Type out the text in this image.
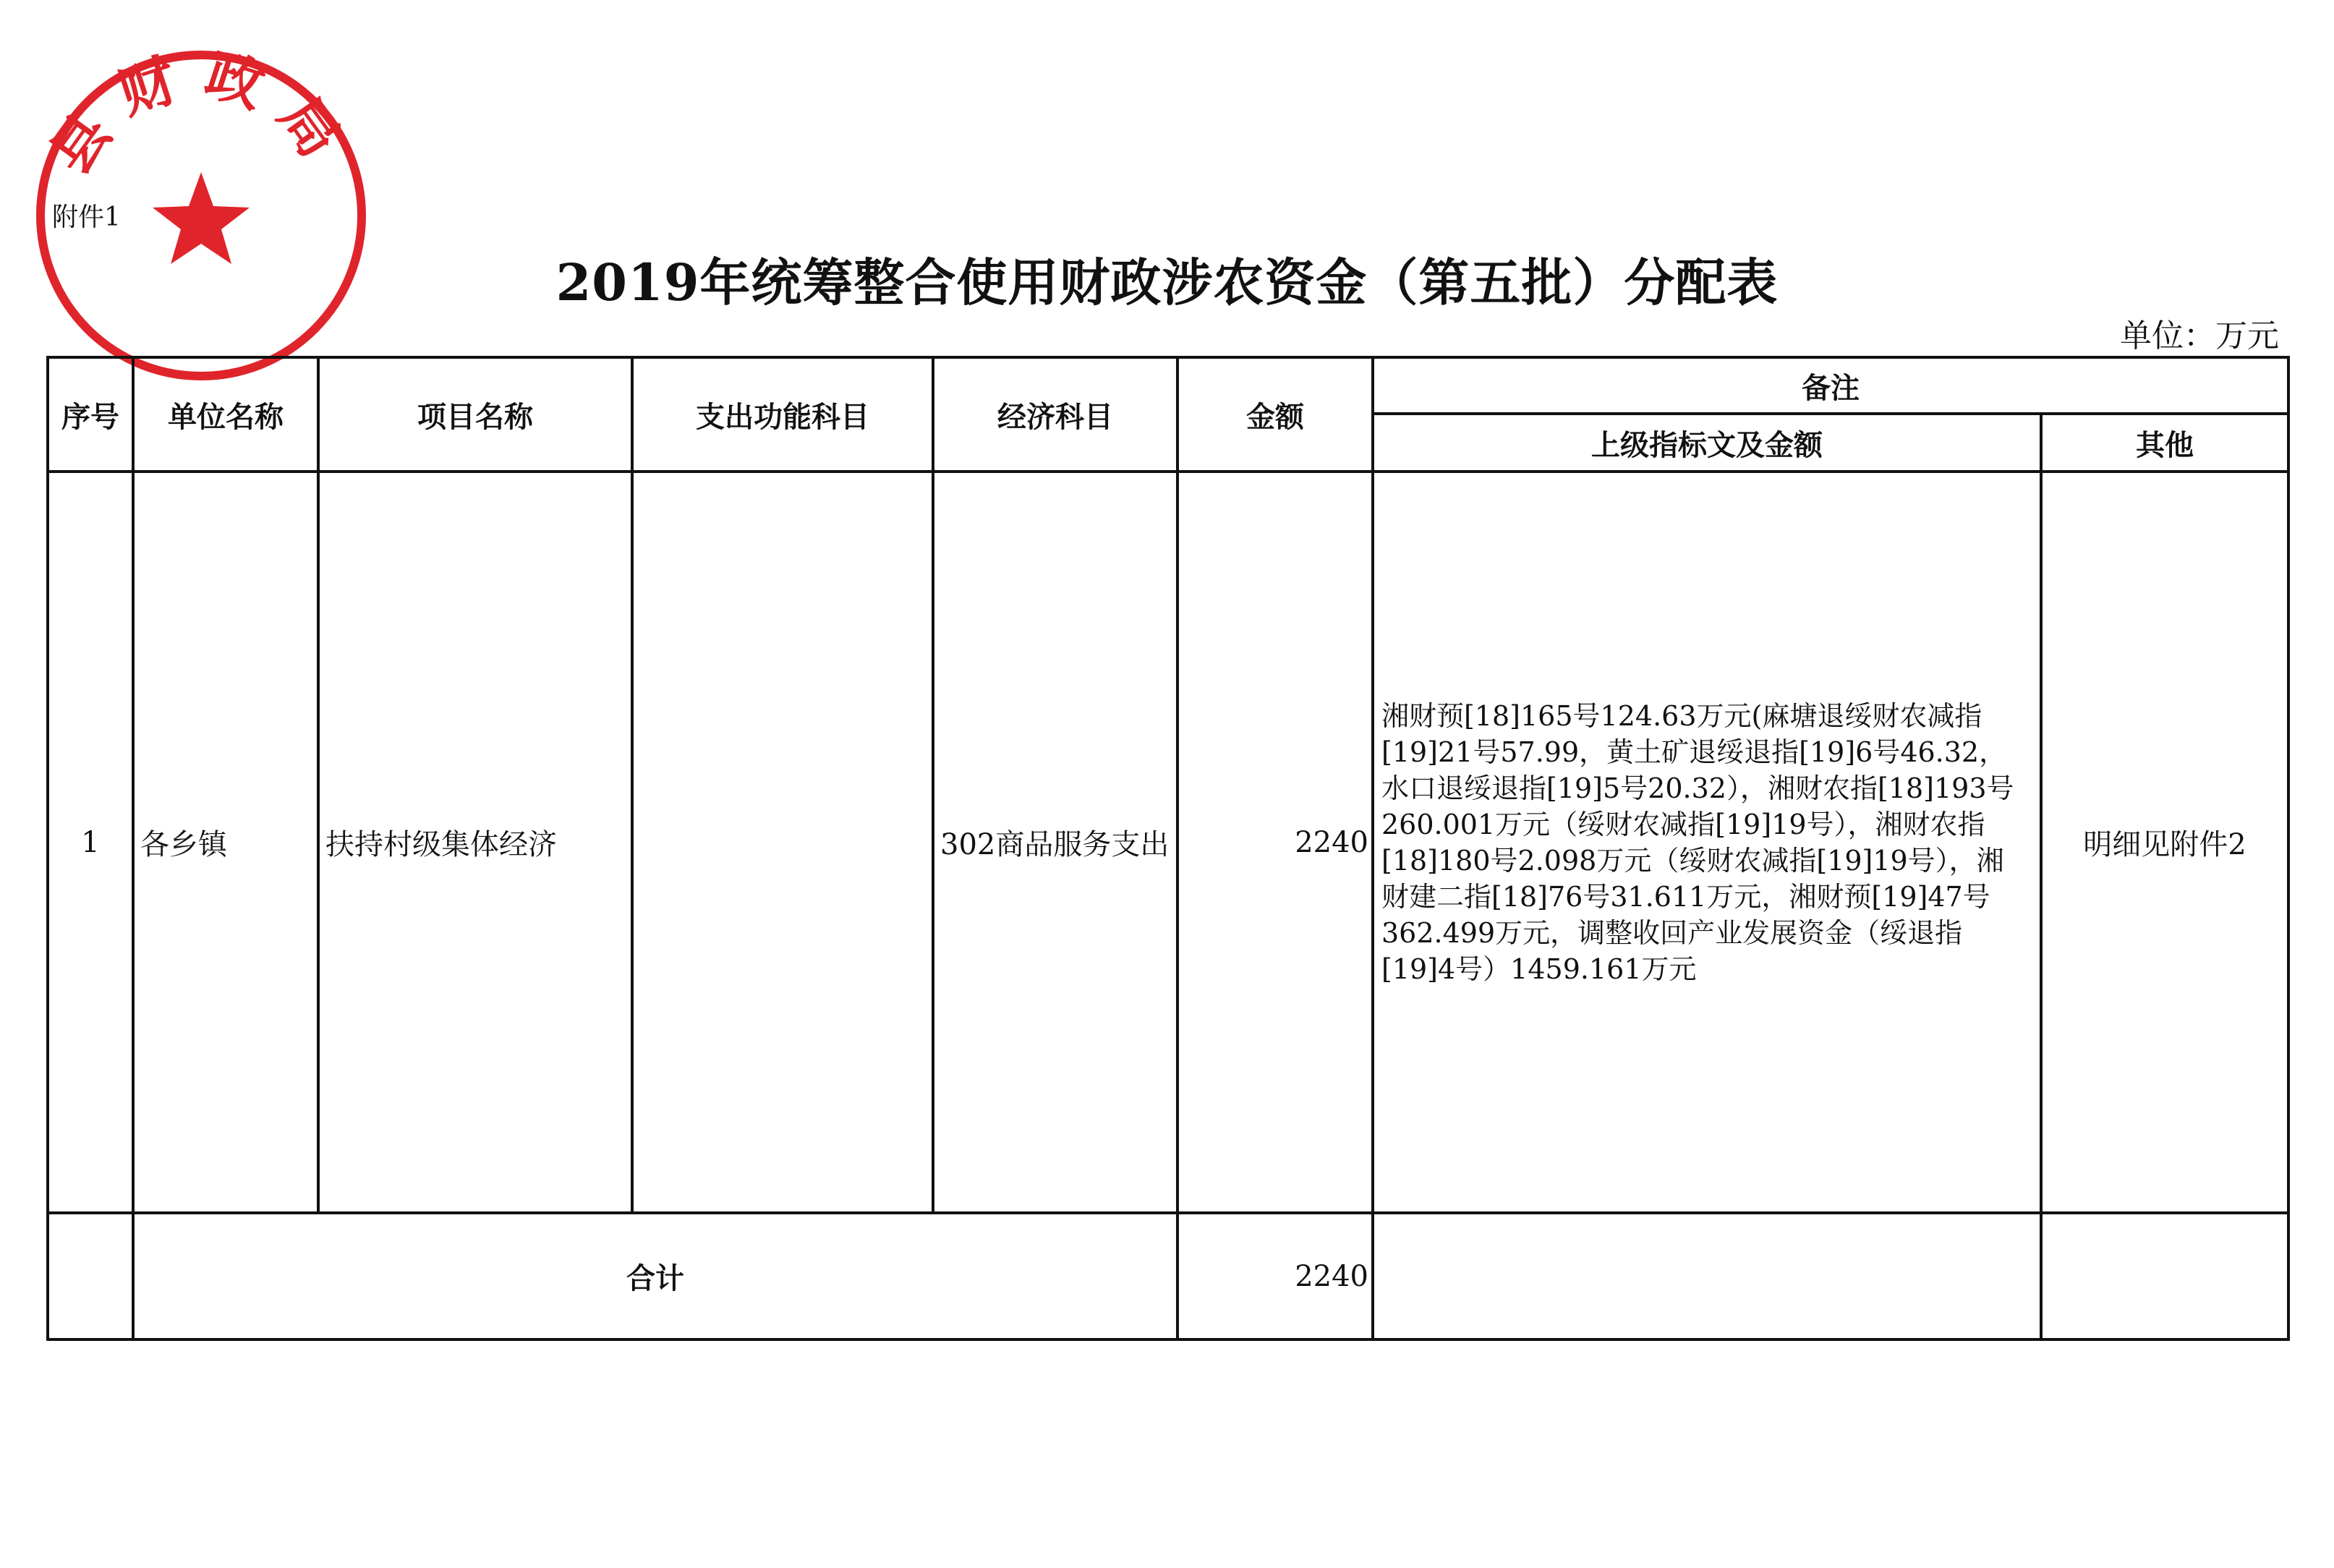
县财政局
附件1
2019年统筹整合使用财政涉农资金（第五批）分配表
单位：万元
序号	单位名称	项目名称	支出功能科目	经济科目	金额	备注	
						上级指标文及金额	其他
1	各乡镇	扶持村级集体经济		302商品服务支出	2240	湘财预[18]165号124.63万元(麻塘退绥财农减指[19]21号57.99，黄土矿退绥退指[19]6号46.32，水口退绥退指[19]5号20.32），湘财农指[18]193号260.001万元（绥财农减指[19]19号），湘财农指[18]180号2.098万元（绥财农减指[19]19号），湘财建二指[18]76号31.611万元，湘财预[19]47号362.499万元，调整收回产业发展资金（绥退指[19]4号）1459.161万元	明细见附件2
	合计				2240		
